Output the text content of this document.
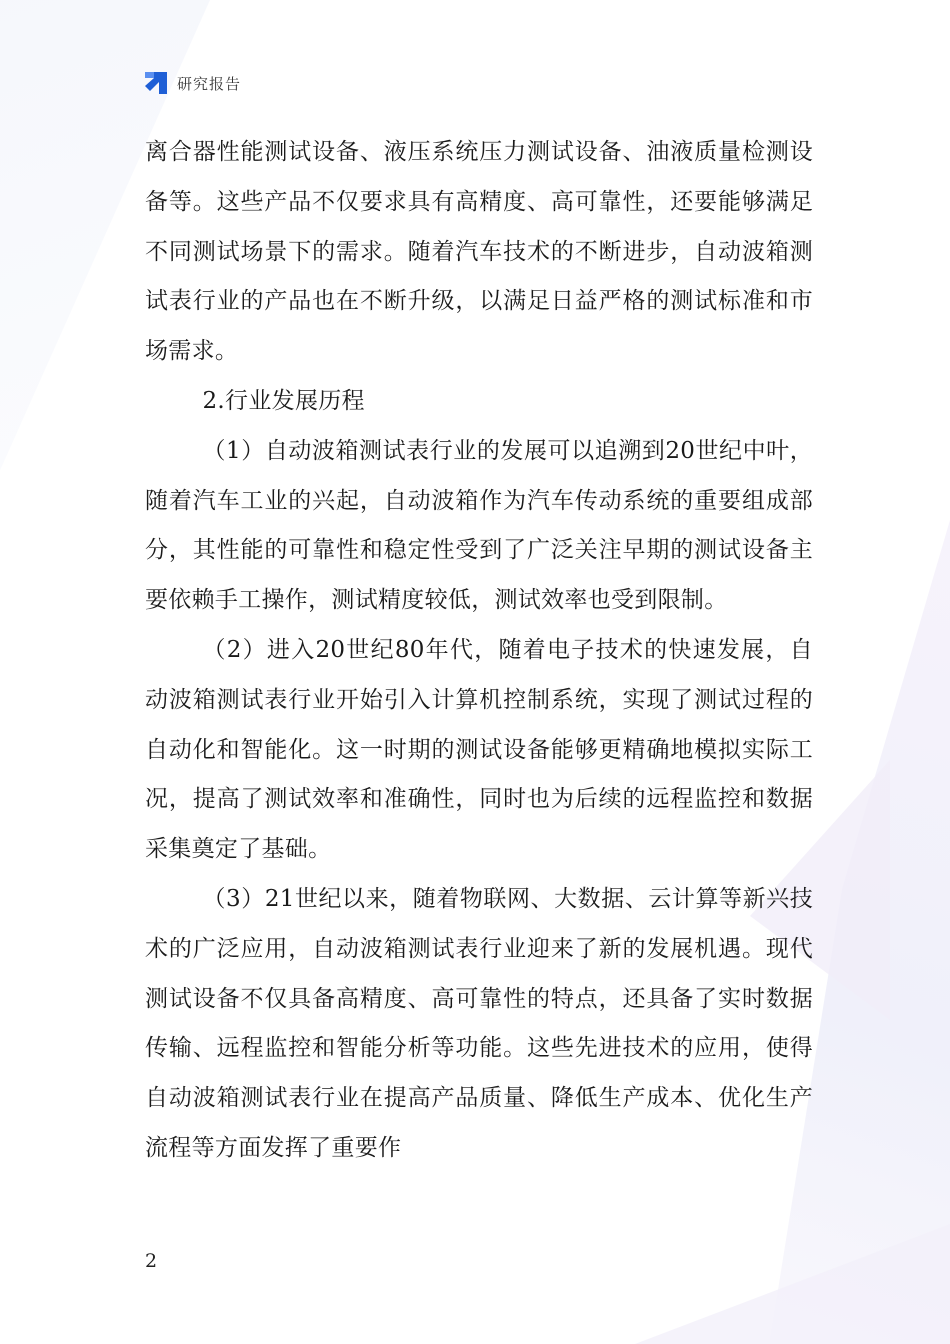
研究报告

离合器性能测试设备、液压系统压力测试设备、油液质量检测设备等。这些产品不仅要求具有高精度、高可靠性，还要能够满足不同测试场景下的需求。随着汽车技术的不断进步，自动波箱测试表行业的产品也在不断升级，以满足日益严格的测试标准和市场需求。

2.行业发展历程

（1）自动波箱测试表行业的发展可以追溯到20世纪中叶，随着汽车工业的兴起，自动波箱作为汽车传动系统的重要组成部分，其性能的可靠性和稳定性受到了广泛关注早期的测试设备主要依赖手工操作，测试精度较低，测试效率也受到限制。

（2）进入20世纪80年代，随着电子技术的快速发展，自动波箱测试表行业开始引入计算机控制系统，实现了测试过程的自动化和智能化。这一时期的测试设备能够更精确地模拟实际工况，提高了测试效率和准确性，同时也为后续的远程监控和数据采集奠定了基础。

（3）21世纪以来，随着物联网、大数据、云计算等新兴技术的广泛应用，自动波箱测试表行业迎来了新的发展机遇。现代测试设备不仅具备高精度、高可靠性的特点，还具备了实时数据传输、远程监控和智能分析等功能。这些先进技术的应用，使得自动波箱测试表行业在提高产品质量、降低生产成本、优化生产流程等方面发挥了重要作

2
